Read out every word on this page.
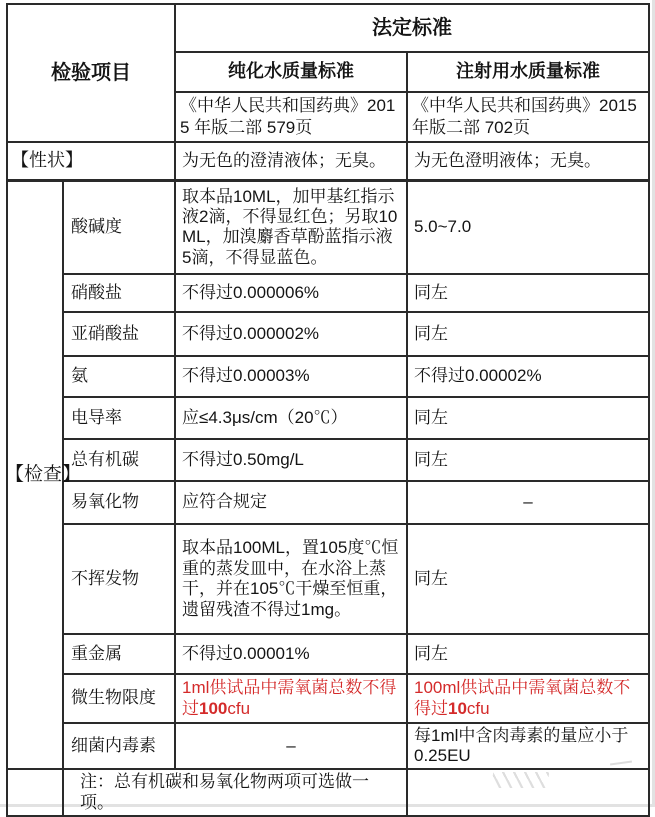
检验项目		法定标准	
		纯化水质量标准	注射用水质量标准
		《中华人民共和国药典》2015 年版二部 579页	《中华人民共和国药典》2015 年版二部 702页
【性状】		为无色的澄清液体；无臭。	为无色澄明液体；无臭。
【检查】	酸碱度	取本品10ML，加甲基红指示液2滴，不得显红色；另取10ML，加溴麝香草酚蓝指示液5滴，不得显蓝色。	5.0~7.0
	硝酸盐	不得过0.000006%	同左
	亚硝酸盐	不得过0.000002%	同左
	氨	不得过0.00003%	不得过0.00002%
	电导率	应≤4.3μs/cm（20℃）	同左
	总有机碳	不得过0.50mg/L	同左
	易氧化物	应符合规定	–
	不挥发物	取本品100ML，置105度℃恒重的蒸发皿中，在水浴上蒸干，并在105℃干燥至恒重，遗留残渣不得过1mg。	同左
	重金属	不得过0.00001%	同左
	微生物限度	1ml供试品中需氧菌总数不得过100cfu	100ml供试品中需氧菌总数不得过10cfu
	细菌内毒素	–	每1ml中含肉毒素的量应小于0.25EU
	注：总有机碳和易氧化物两项可选做一项。		
